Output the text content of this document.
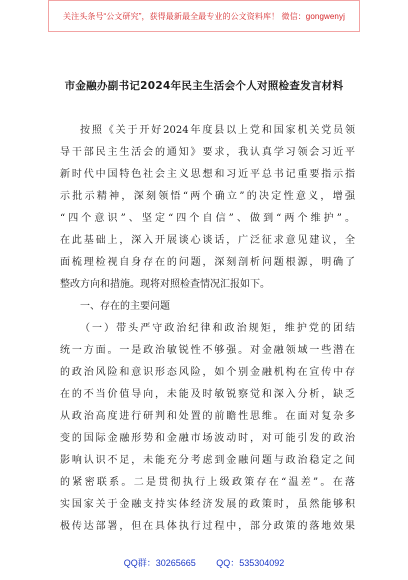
关注头条号“公文研究”，获得最新最全最专业的公文资料库！ 微信：gongwenyj
市金融办副书记2024年民主生活会个人对照检查发言材料
按照《关于开好2024年度县以上党和国家机关党员领
导干部民主生活会的通知》要求，我认真学习领会习近平
新时代中国特色社会主义思想和习近平总书记重要指示指
示批示精神，深刻领悟“两个确立”的决定性意义，增强
“四个意识”、坚定“四个自信”、做到“两个维护”。
在此基础上，深入开展谈心谈话，广泛征求意见建议，全
面梳理检视自身存在的问题，深刻剖析问题根源，明确了
整改方向和措施。现将对照检查情况汇报如下。
一、存在的主要问题
（一）带头严守政治纪律和政治规矩，维护党的团结
统一方面。一是政治敏锐性不够强。对金融领域一些潜在
的政治风险和意识形态风险，如个别金融机构在宣传中存
在的不当价值导向，未能及时敏锐察觉和深入分析，缺乏
从政治高度进行研判和处置的前瞻性思维。在面对复杂多
变的国际金融形势和金融市场波动时，对可能引发的政治
影响认识不足，未能充分考虑到金融问题与政治稳定之间
的紧密联系。二是贯彻执行上级政策存在“温差”。在落
实国家关于金融支持实体经济发展的政策时，虽然能够积
极传达部署，但在具体执行过程中，部分政策的落地效果
QQ群：30265665 QQ：535304092
